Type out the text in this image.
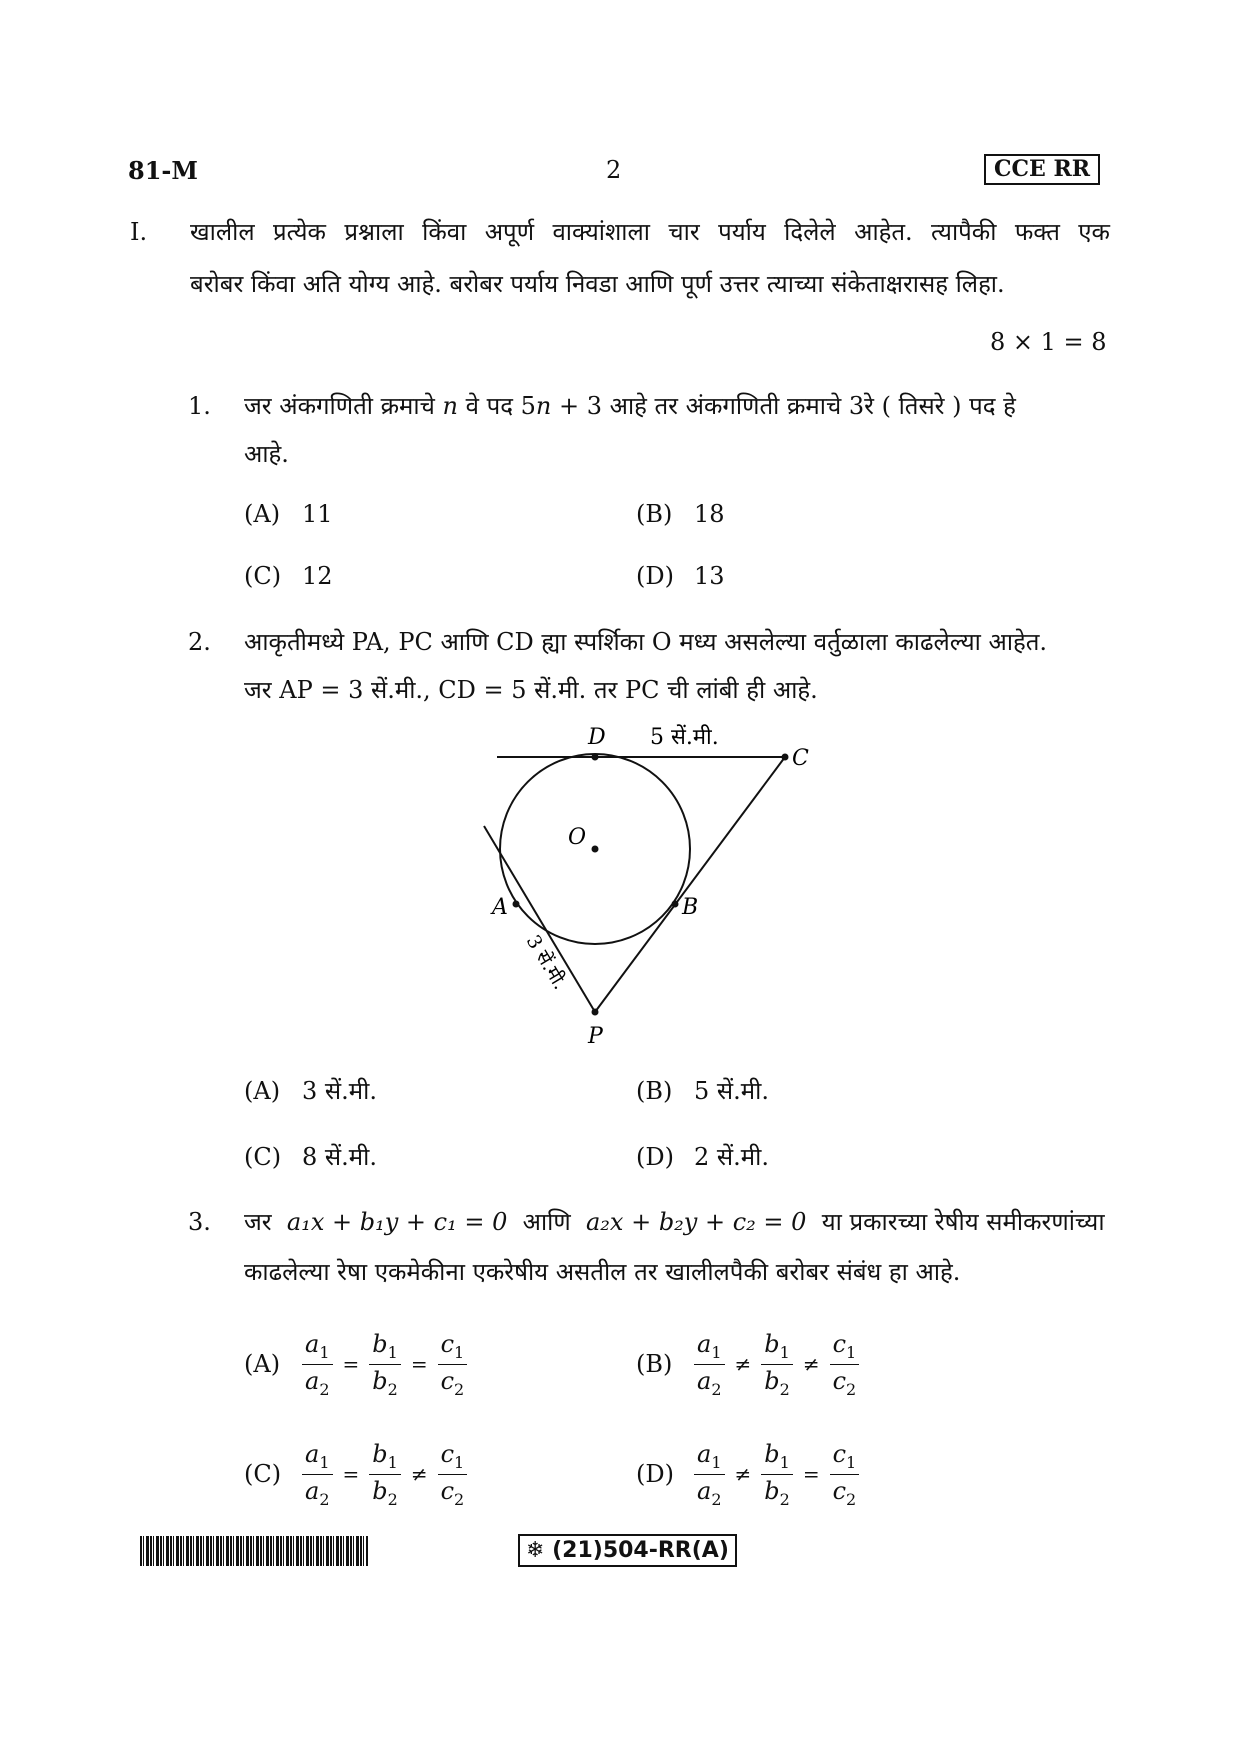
81-M	2	CCE RR
I. खालील प्रत्येक प्रश्नाला किंवा अपूर्ण वाक्यांशाला चार पर्याय दिलेले आहेत. त्यापैकी फक्त एक
बरोबर किंवा अति योग्य आहे. बरोबर पर्याय निवडा आणि पूर्ण उत्तर त्याच्या संकेताक्षरासह लिहा.
8 × 1 = 8
1. जर अंकगणिती क्रमाचे n वे पद 5n + 3 आहे तर अंकगणिती क्रमाचे 3रे ( तिसरे ) पद हे
आहे.
(A) 11	(B) 18
(C) 12	(D) 13
2. आकृतीमध्ये PA, PC आणि CD ह्या स्पर्शिका O मध्य असलेल्या वर्तुळाला काढलेल्या आहेत.
जर AP = 3 सें.मी., CD = 5 सें.मी. तर PC ची लांबी ही आहे.
D 5 सें.मी.
C
O
A	B
P
3 सें.मी.
(A) 3 सें.मी.	(B) 5 सें.मी.
(C) 8 सें.मी.	(D) 2 सें.मी.
3. जर a₁x + b₁y + c₁ = 0 आणि a₂x + b₂y + c₂ = 0 या प्रकारच्या रेषीय समीकरणांच्या
काढलेल्या रेषा एकमेकीना एकरेषीय असतील तर खालीलपैकी बरोबर संबंध हा आहे.
$(A) \frac{a_1}{a_2} = \frac{b_1}{b_2} = \frac{c_1}{c_2}$	$(B) \frac{a_1}{a_2} \ne \frac{b_1}{b_2} \ne \frac{c_1}{c_2}$
$(C) \frac{a_1}{a_2} = \frac{b_1}{b_2} \ne \frac{c_1}{c_2}$	$(D) \frac{a_1}{a_2} \ne \frac{b_1}{b_2} = \frac{c_1}{c_2}$
❄ (21)504-RR(A)
